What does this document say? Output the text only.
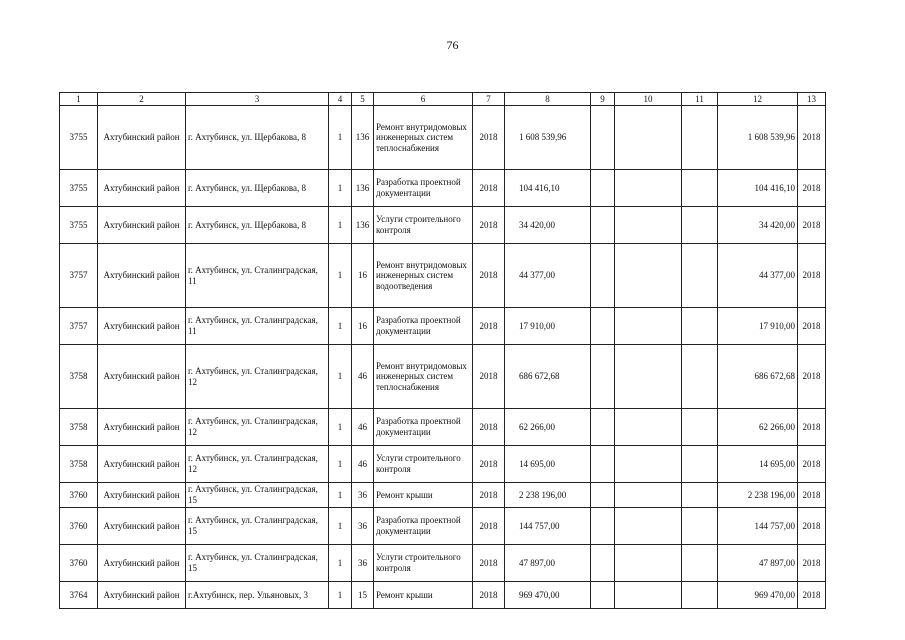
76
1	2	3	4	5	6	7	8	9	10	11	12	13
3755	Ахтубинский район	г. Ахтубинск, ул. Щербакова, 8	1	136	Ремонт внутридомовых инженерных систем теплоснабжения	2018	1 608 539,96				1 608 539,96	2018
3755	Ахтубинский район	г. Ахтубинск, ул. Щербакова, 8	1	136	Разработка проектной документации	2018	104 416,10				104 416,10	2018
3755	Ахтубинский район	г. Ахтубинск, ул. Щербакова, 8	1	136	Услуги строительного контроля	2018	34 420,00				34 420,00	2018
3757	Ахтубинский район	г. Ахтубинск, ул. Сталинградская, 11	1	16	Ремонт внутридомовых инженерных систем водоотведения	2018	44 377,00				44 377,00	2018
3757	Ахтубинский район	г. Ахтубинск, ул. Сталинградская, 11	1	16	Разработка проектной документации	2018	17 910,00				17 910,00	2018
3758	Ахтубинский район	г. Ахтубинск, ул. Сталинградская, 12	1	46	Ремонт внутридомовых инженерных систем теплоснабжения	2018	686 672,68				686 672,68	2018
3758	Ахтубинский район	г. Ахтубинск, ул. Сталинградская, 12	1	46	Разработка проектной документации	2018	62 266,00				62 266,00	2018
3758	Ахтубинский район	г. Ахтубинск, ул. Сталинградская, 12	1	46	Услуги строительного контроля	2018	14 695,00				14 695,00	2018
3760	Ахтубинский район	г. Ахтубинск, ул. Сталинградская, 15	1	36	Ремонт крыши	2018	2 238 196,00				2 238 196,00	2018
3760	Ахтубинский район	г. Ахтубинск, ул. Сталинградская, 15	1	36	Разработка проектной документации	2018	144 757,00				144 757,00	2018
3760	Ахтубинский район	г. Ахтубинск, ул. Сталинградская, 15	1	36	Услуги строительного контроля	2018	47 897,00				47 897,00	2018
3764	Ахтубинский район	г.Ахтубинск, пер. Ульяновых, 3	1	15	Ремонт крыши	2018	969 470,00				969 470,00	2018
